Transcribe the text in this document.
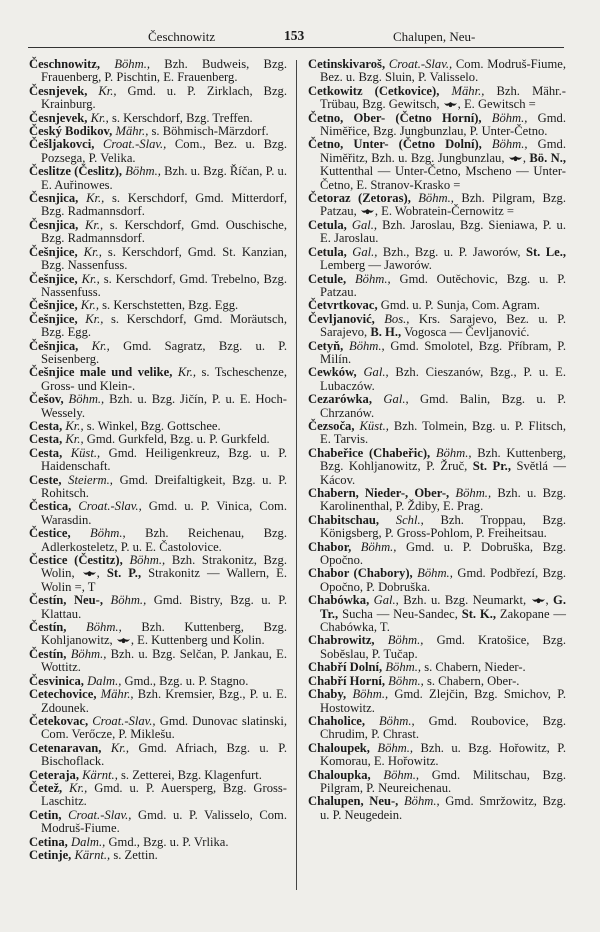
Česchnowitz	153	Chalupen, Neu-

Česchnowitz, Böhm., Bzh. Budweis, Bzg. Frauenberg, P. Pischtin, E. Frauenberg.

Česnjevek, Kr., Gmd. u. P. Zirklach, Bzg. Krainburg.

Česnjevek, Kr., s. Kerschdorf, Bzg. Treffen.

Český Bodikov, Mähr., s. Böhmisch-Märzdorf.

Češljakovci, Croat.-Slav., Com., Bez. u. Bzg. Pozsega, P. Velika.

Česlitze (Česlitz), Böhm., Bzh. u. Bzg. Říčan, P. u. E. Auřinowes.

Česnjica, Kr., s. Kerschdorf, Gmd. Mitterdorf, Bzg. Radmannsdorf.

Česnjica, Kr., s. Kerschdorf, Gmd. Ouschische, Bzg. Radmannsdorf.

Češnjice, Kr., s. Kerschdorf, Gmd. St. Kanzian, Bzg. Nassenfuss.

Češnjice, Kr., s. Kerschdorf, Gmd. Trebelno, Bzg. Nassenfuss.

Češnjice, Kr., s. Kerschstetten, Bzg. Egg.

Češnjice, Kr., s. Kerschdorf, Gmd. Moräutsch, Bzg. Egg.

Češnjica, Kr., Gmd. Sagratz, Bzg. u. P. Seisenberg.

Češnjice male und velike, Kr., s. Tscheschenze, Gross- und Klein-.

Češov, Böhm., Bzh. u. Bzg. Jičín, P. u. E. Hoch-Wessely.

Cesta, Kr., s. Winkel, Bzg. Gottschee.

Cesta, Kr., Gmd. Gurkfeld, Bzg. u. P. Gurkfeld.

Cesta, Küst., Gmd. Heiligenkreuz, Bzg. u. P. Haidenschaft.

Ceste, Steierm., Gmd. Dreifaltigkeit, Bzg. u. P. Rohitsch.

Čestica, Croat.-Slav., Gmd. u. P. Vinica, Com. Warasdin.

Čestice, Böhm., Bzh. Reichenau, Bzg. Adlerkosteletz, P. u. E. Častolovice.

Čestice (Čestitz), Böhm., Bzh. Strakonitz, Bzg. Wolin, , St. P., Strakonitz — Wallern, E. Wolin =, T

Čestín, Neu-, Böhm., Gmd. Bistry, Bzg. u. P. Klattau.

Čestín, Böhm., Bzh. Kuttenberg, Bzg. Kohljanowitz, , E. Kuttenberg und Kolin.

Čestín, Böhm., Bzh. u. Bzg. Selčan, P. Jankau, E. Wottitz.

Česvinica, Dalm., Gmd., Bzg. u. P. Stagno.

Cetechovice, Mähr., Bzh. Kremsier, Bzg., P. u. E. Zdounek.

Četekovac, Croat.-Slav., Gmd. Dunovac slatinski, Com. Verőcze, P. Miklešu.

Cetenaravan, Kr., Gmd. Afriach, Bzg. u. P. Bischoflack.

Ceteraja, Kärnt., s. Zetterei, Bzg. Klagenfurt.

Četež, Kr., Gmd. u. P. Auersperg, Bzg. Gross-Laschitz.

Cetin, Croat.-Slav., Gmd. u. P. Valisselo, Com. Modruš-Fiume.

Cetina, Dalm., Gmd., Bzg. u. P. Vrlika.

Cetinje, Kärnt., s. Zettin.

Cetinskivaroš, Croat.-Slav., Com. Modruš-Fiume, Bez. u. Bzg. Sluin, P. Valisselo.

Cetkowitz (Cetkovice), Mähr., Bzh. Mähr.-Trübau, Bzg. Gewitsch, , E. Gewitsch =

Četno, Ober- (Četno Horní), Böhm., Gmd. Niměřice, Bzg. Jungbunzlau, P. Unter-Četno.

Četno, Unter- (Četno Dolní), Böhm., Gmd. Niměřitz, Bzh. u. Bzg. Jungbunzlau, , Bö. N., Kuttenthal — Unter-Četno, Mscheno — Unter-Četno, E. Stranov-Krasko =

Četoraz (Zetoras), Böhm., Bzh. Pilgram, Bzg. Patzau, , E. Wobratein-Černowitz =

Cetula, Gal., Bzh. Jaroslau, Bzg. Sieniawa, P. u. E. Jaroslau.

Cetula, Gal., Bzh., Bzg. u. P. Jaworów, St. Le., Lemberg — Jaworów.

Cetule, Böhm., Gmd. Outěchovic, Bzg. u. P. Patzau.

Četvrtkovac, Gmd. u. P. Sunja, Com. Agram.

Čevljanović, Bos., Krs. Sarajevo, Bez. u. P. Sarajevo, B. H., Vogosca — Čevljanović.

Cetyň, Böhm., Gmd. Smolotel, Bzg. Příbram, P. Milín.

Cewków, Gal., Bzh. Cieszanów, Bzg., P. u. E. Lubaczów.

Cezarówka, Gal., Gmd. Balin, Bzg. u. P. Chrzanów.

Čezsoča, Küst., Bzh. Tolmein, Bzg. u. P. Flitsch, E. Tarvis.

Chabeřice (Chabeřic), Böhm., Bzh. Kuttenberg, Bzg. Kohljanowitz, P. Žruč, St. Pr., Světlá — Kácov.

Chabern, Nieder-, Ober-, Böhm., Bzh. u. Bzg. Karolinenthal, P. Ždiby, E. Prag.

Chabitschau, Schl., Bzh. Troppau, Bzg. Königsberg, P. Gross-Pohlom, P. Freiheitsau.

Chabor, Böhm., Gmd. u. P. Dobruška, Bzg. Opočno.

Chabor (Chabory), Böhm., Gmd. Podbřezí, Bzg. Opočno, P. Dobruška.

Chabówka, Gal., Bzh. u. Bzg. Neumarkt, , G. Tr., Sucha — Neu-Sandec, St. K., Zakopane — Chabówka, T.

Chabrowitz, Böhm., Gmd. Kratošice, Bzg. Soběslau, P. Tučap.

Chabří Dolní, Böhm., s. Chabern, Nieder-.

Chabří Horní, Böhm., s. Chabern, Ober-.

Chaby, Böhm., Gmd. Zlejčin, Bzg. Smichov, P. Hostowitz.

Chaholice, Böhm., Gmd. Roubovice, Bzg. Chrudim, P. Chrast.

Chaloupek, Böhm., Bzh. u. Bzg. Hořowitz, P. Komorau, E. Hořowitz.

Chaloupka, Böhm., Gmd. Militschau, Bzg. Pilgram, P. Neureichenau.

Chalupen, Neu-, Böhm., Gmd. Smržowitz, Bzg. u. P. Neugedein.
